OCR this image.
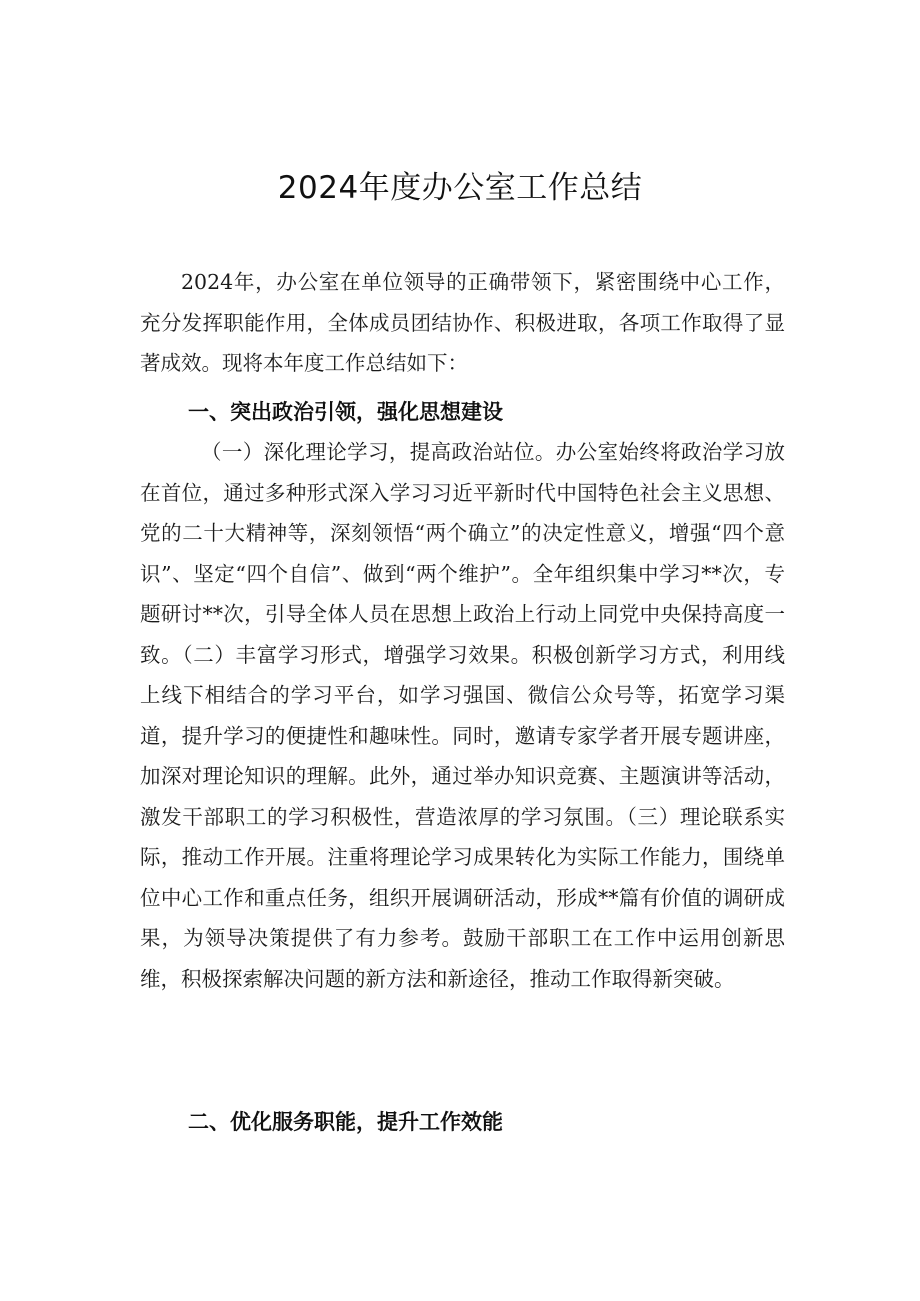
2024年度办公室工作总结

2024年，办公室在单位领导的正确带领下，紧密围绕中心工作，充分发挥职能作用，全体成员团结协作、积极进取，各项工作取得了显著成效。现将本年度工作总结如下：

一、突出政治引领，强化思想建设

（一）深化理论学习，提高政治站位。办公室始终将政治学习放在首位，通过多种形式深入学习习近平新时代中国特色社会主义思想、党的二十大精神等，深刻领悟“两个确立”的决定性意义，增强“四个意识”、坚定“四个自信”、做到“两个维护”。全年组织集中学习**次，专题研讨**次，引导全体人员在思想上政治上行动上同党中央保持高度一致。（二）丰富学习形式，增强学习效果。积极创新学习方式，利用线上线下相结合的学习平台，如学习强国、微信公众号等，拓宽学习渠道，提升学习的便捷性和趣味性。同时，邀请专家学者开展专题讲座，加深对理论知识的理解。此外，通过举办知识竞赛、主题演讲等活动，激发干部职工的学习积极性，营造浓厚的学习氛围。（三）理论联系实际，推动工作开展。注重将理论学习成果转化为实际工作能力，围绕单位中心工作和重点任务，组织开展调研活动，形成**篇有价值的调研成果，为领导决策提供了有力参考。鼓励干部职工在工作中运用创新思维，积极探索解决问题的新方法和新途径，推动工作取得新突破。

二、优化服务职能，提升工作效能
